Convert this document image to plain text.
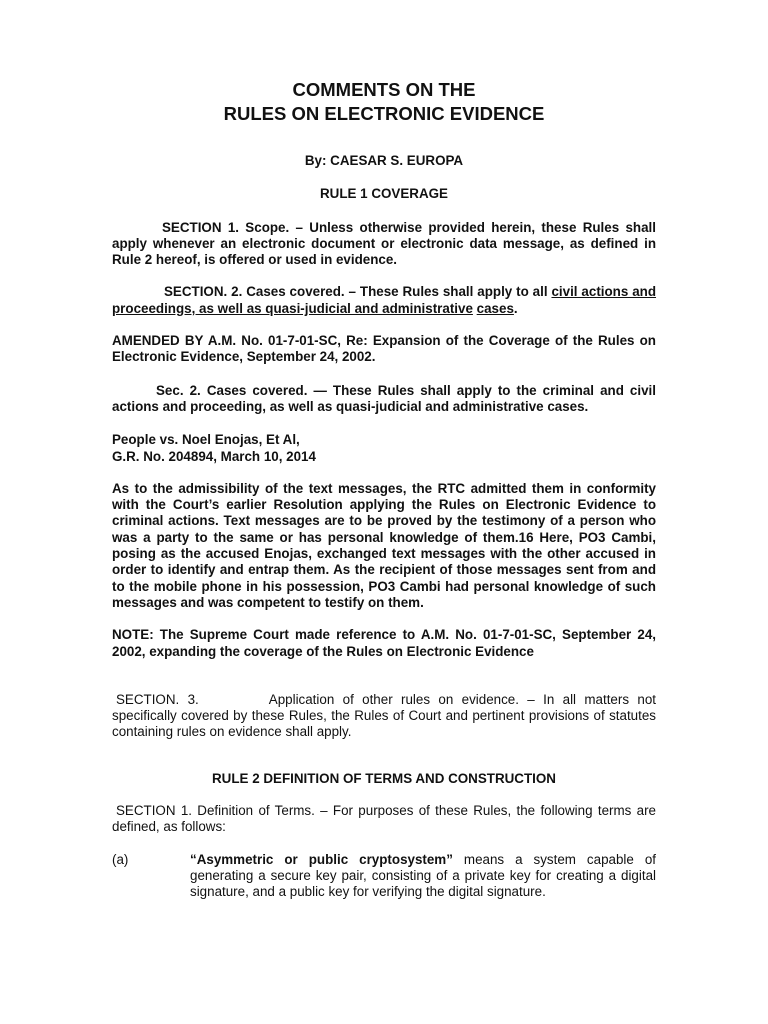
COMMENTS ON THE
RULES ON ELECTRONIC EVIDENCE

By: CAESAR S. EUROPA

RULE 1 COVERAGE

SECTION 1. Scope. – Unless otherwise provided herein, these Rules shall apply whenever an electronic document or electronic data message, as defined in Rule 2 hereof, is offered or used in evidence.

SECTION. 2. Cases covered. – These Rules shall apply to all civil actions and proceedings, as well as quasi-judicial and administrative cases.

AMENDED BY A.M. No. 01-7-01-SC, Re: Expansion of the Coverage of the Rules on Electronic Evidence, September 24, 2002.

Sec. 2. Cases covered. — These Rules shall apply to the criminal and civil actions and proceeding, as well as quasi-judicial and administrative cases.

People vs. Noel Enojas, Et Al,
G.R. No. 204894, March 10, 2014

As to the admissibility of the text messages, the RTC admitted them in conformity with the Court’s earlier Resolution applying the Rules on Electronic Evidence to criminal actions. Text messages are to be proved by the testimony of a person who was a party to the same or has personal knowledge of them.16 Here, PO3 Cambi, posing as the accused Enojas, exchanged text messages with the other accused in order to identify and entrap them. As the recipient of those messages sent from and to the mobile phone in his possession, PO3 Cambi had personal knowledge of such messages and was competent to testify on them.

NOTE: The Supreme Court made reference to A.M. No. 01-7-01-SC, September 24, 2002, expanding the coverage of the Rules on Electronic Evidence

SECTION. 3.	Application of other rules on evidence. – In all matters not specifically covered by these Rules, the Rules of Court and pertinent provisions of statutes containing rules on evidence shall apply.

RULE 2 DEFINITION OF TERMS AND CONSTRUCTION

SECTION 1. Definition of Terms. – For purposes of these Rules, the following terms are defined, as follows:

(a)	“Asymmetric or public cryptosystem” means a system capable of generating a secure key pair, consisting of a private key for creating a digital signature, and a public key for verifying the digital signature.
